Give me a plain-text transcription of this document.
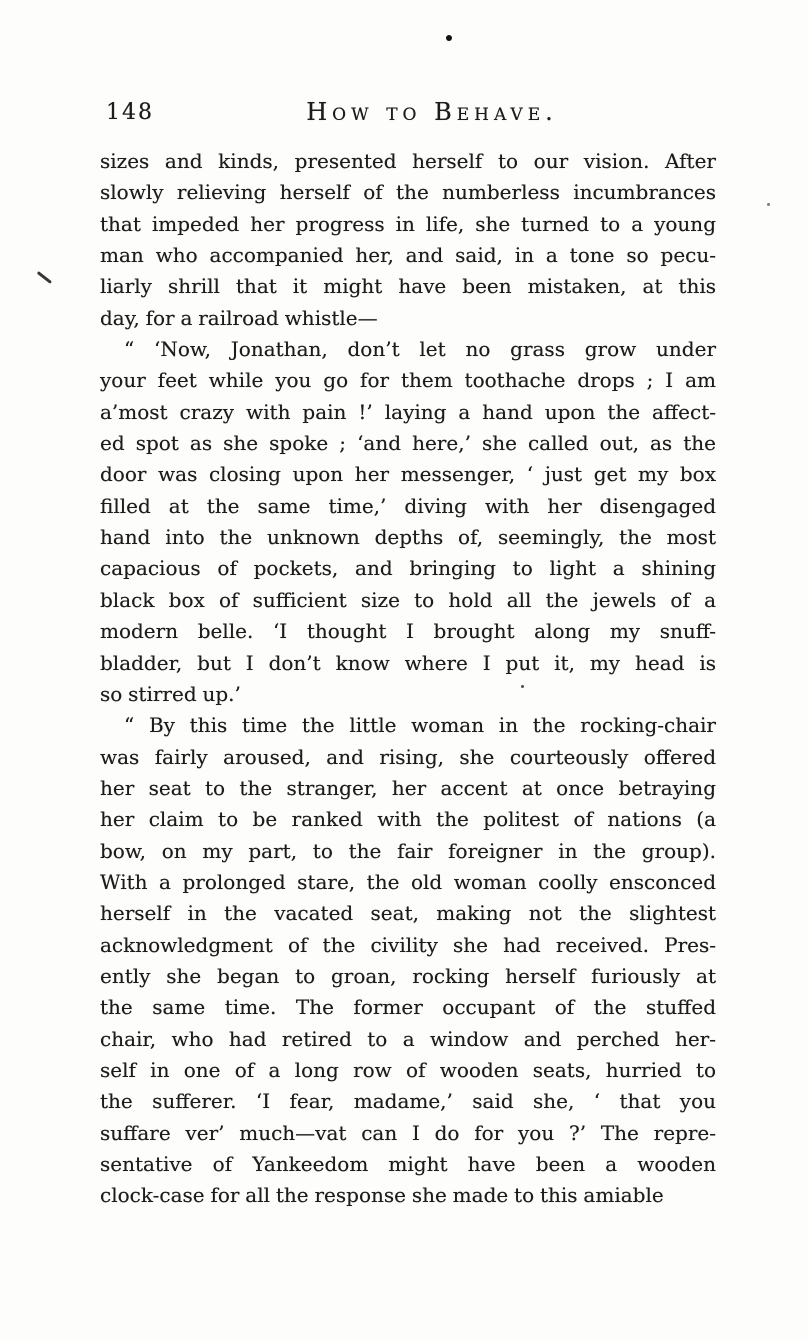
148	How to Behave.
sizes and kinds, presented herself to our vision. After
slowly relieving herself of the numberless incumbrances
that impeded her progress in life, she turned to a young
man who accompanied her, and said, in a tone so pecu-
liarly shrill that it might have been mistaken, at this
day, for a railroad whistle—
“ ‘Now, Jonathan, don’t let no grass grow under
your feet while you go for them toothache drops ; I am
a’most crazy with pain !’ laying a hand upon the affect-
ed spot as she spoke ; ‘and here,’ she called out, as the
door was closing upon her messenger, ‘ just get my box
filled at the same time,’ diving with her disengaged
hand into the unknown depths of, seemingly, the most
capacious of pockets, and bringing to light a shining
black box of sufficient size to hold all the jewels of a
modern belle. ‘I thought I brought along my snuff-
bladder, but I don’t know where I put it, my head is
so stirred up.’
“ By this time the little woman in the rocking-chair
was fairly aroused, and rising, she courteously offered
her seat to the stranger, her accent at once betraying
her claim to be ranked with the politest of nations (a
bow, on my part, to the fair foreigner in the group).
With a prolonged stare, the old woman coolly ensconced
herself in the vacated seat, making not the slightest
acknowledgment of the civility she had received. Pres-
ently she began to groan, rocking herself furiously at
the same time. The former occupant of the stuffed
chair, who had retired to a window and perched her-
self in one of a long row of wooden seats, hurried to
the sufferer. ‘I fear, madame,’ said she, ‘ that you
suffare ver’ much—vat can I do for you ?’ The repre-
sentative of Yankeedom might have been a wooden
clock-case for all the response she made to this amiable
